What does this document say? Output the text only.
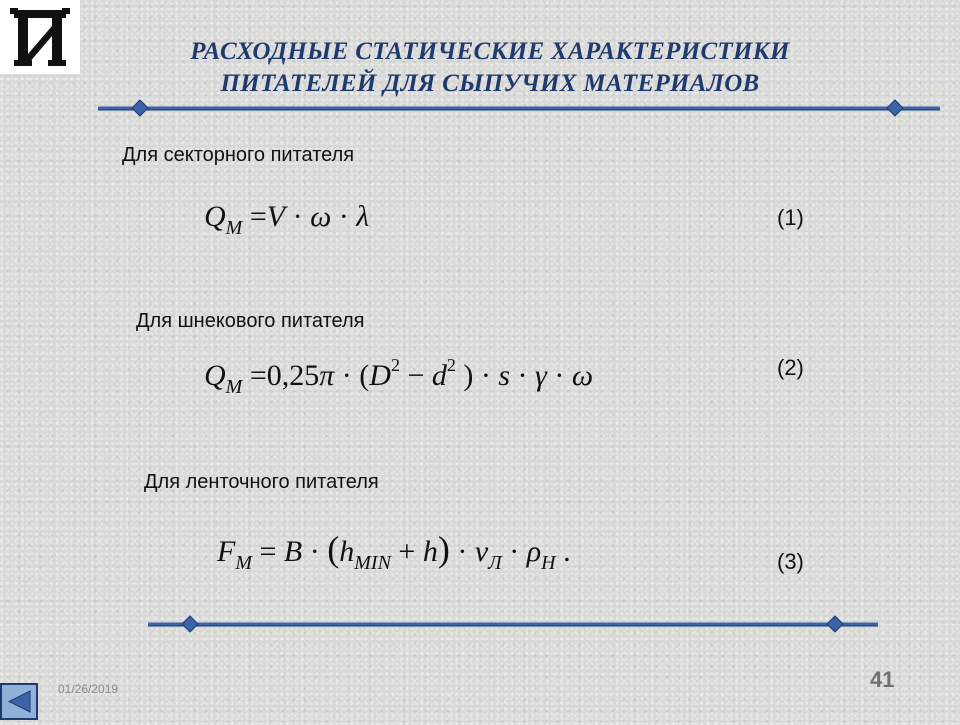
РАСХОДНЫЕ СТАТИЧЕСКИЕ ХАРАКТЕРИСТИКИ
ПИТАТЕЛЕЙ ДЛЯ СЫПУЧИХ МАТЕРИАЛОВ
Для секторного питателя
$Q_M =V \cdot \omega \cdot \lambda$	(1)
Для шнекового питателя
$Q_M =0,25\pi \cdot (D^2 - d^2$ ) · s · γ · ω	(2)
Для ленточного питателя
$F_M = B \cdot (h_{MIN} + h) \cdot \nu_Л \cdot \rho_Н$ .	(3)
01/26/2019	41
